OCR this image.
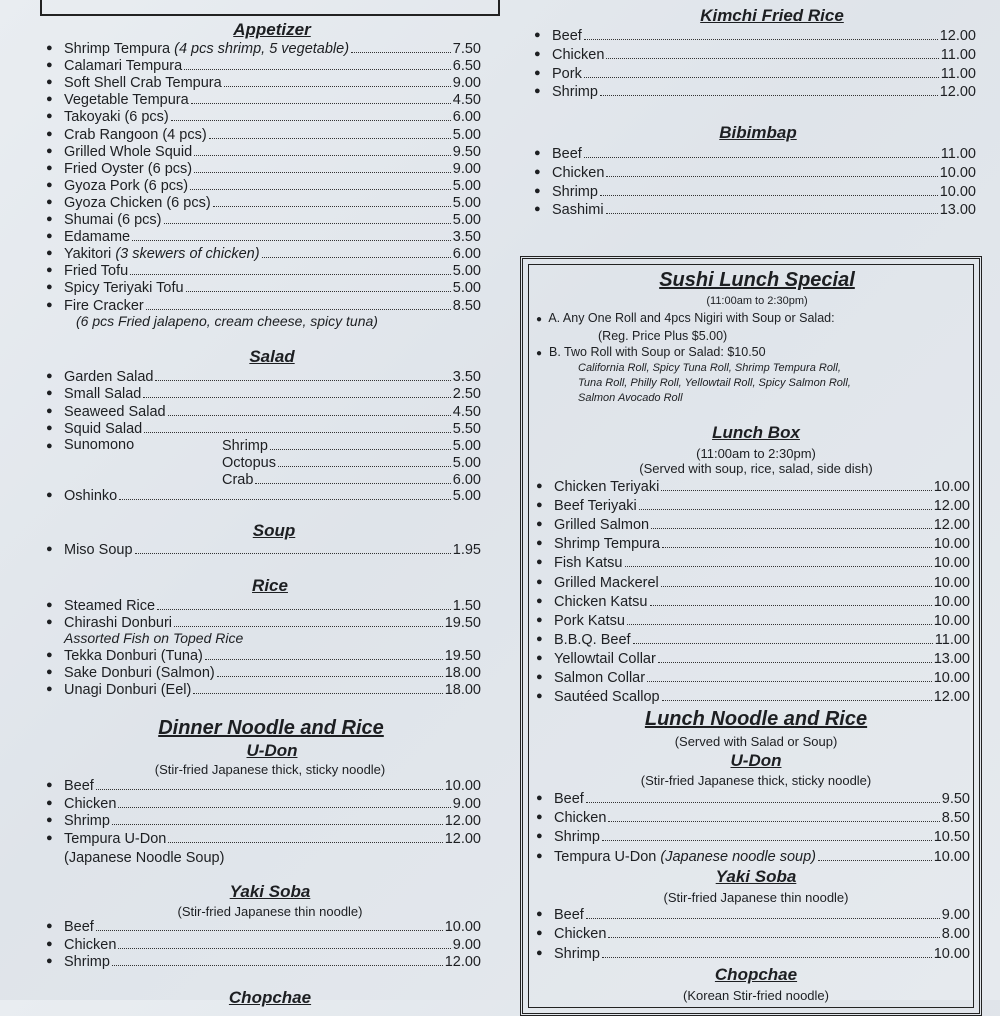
Appetizer
● Shrimp Tempura (4 pcs shrimp, 5 vegetable)	7.50
● Calamari Tempura	6.50
● Soft Shell Crab Tempura	9.00
● Vegetable Tempura	4.50
● Takoyaki (6 pcs)	6.00
● Crab Rangoon (4 pcs)	5.00
● Grilled Whole Squid	9.50
● Fried Oyster (6 pcs)	9.00
● Gyoza Pork (6 pcs)	5.00
● Gyoza Chicken (6 pcs)	5.00
● Shumai (6 pcs)	5.00
● Edamame	3.50
● Yakitori (3 skewers of chicken)	6.00
● Fried Tofu	5.00
● Spicy Teriyaki Tofu	5.00
● Fire Cracker	8.50
(6 pcs Fried jalapeno, cream cheese, spicy tuna)
Salad
● Garden Salad	3.50
● Small Salad	2.50
● Seaweed Salad	4.50
● Squid Salad	5.50
● Sunomono	Shrimp	5.00
Octopus	5.00
Crab	6.00
● Oshinko	5.00
Soup
● Miso Soup	1.95
Rice
● Steamed Rice	1.50
● Chirashi Donburi	19.50
Assorted Fish on Toped Rice
● Tekka Donburi (Tuna)	19.50
● Sake Donburi (Salmon)	18.00
● Unagi Donburi (Eel)	18.00
Dinner Noodle and Rice
U-Don
(Stir-fried Japanese thick, sticky noodle)
● Beef	10.00
● Chicken	9.00
● Shrimp	12.00
● Tempura U-Don	12.00
(Japanese Noodle Soup)
Yaki Soba
(Stir-fried Japanese thin noodle)
● Beef	10.00
● Chicken	9.00
● Shrimp	12.00
Chopchae
Kimchi Fried Rice
● Beef	12.00
● Chicken	11.00
● Pork	11.00
● Shrimp	12.00
Bibimbap
● Beef	11.00
● Chicken	10.00
● Shrimp	10.00
● Sashimi	13.00
Sushi Lunch Special
(11:00am to 2:30pm)
● A. Any One Roll and 4pcs Nigiri with Soup or Salad:
(Reg. Price Plus $5.00)
● B. Two Roll with Soup or Salad: $10.50
California Roll, Spicy Tuna Roll, Shrimp Tempura Roll,
Tuna Roll, Philly Roll, Yellowtail Roll, Spicy Salmon Roll,
Salmon Avocado Roll
Lunch Box
(11:00am to 2:30pm)
(Served with soup, rice, salad, side dish)
● Chicken Teriyaki	10.00
● Beef Teriyaki	12.00
● Grilled Salmon	12.00
● Shrimp Tempura	10.00
● Fish Katsu	10.00
● Grilled Mackerel	10.00
● Chicken Katsu	10.00
● Pork Katsu	10.00
● B.B.Q. Beef	11.00
● Yellowtail Collar	13.00
● Salmon Collar	10.00
● Sautéed Scallop	12.00
Lunch Noodle and Rice
(Served with Salad or Soup)
U-Don
(Stir-fried Japanese thick, sticky noodle)
● Beef	9.50
● Chicken	8.50
● Shrimp	10.50
● Tempura U-Don (Japanese noodle soup)	10.00
Yaki Soba
(Stir-fried Japanese thin noodle)
● Beef	9.00
● Chicken	8.00
● Shrimp	10.00
Chopchae
(Korean Stir-fried noodle)
